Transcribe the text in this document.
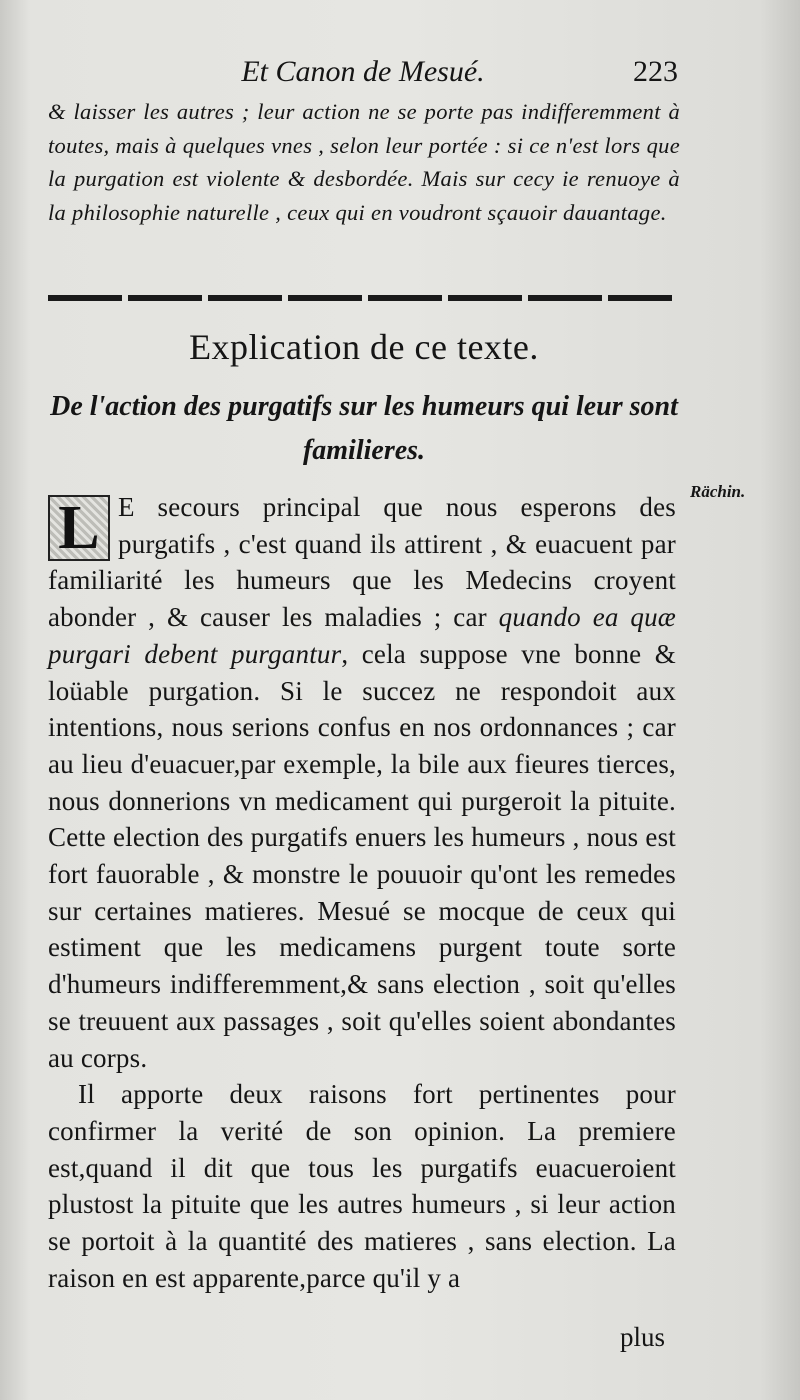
Et Canon de Mesué.	223

& laisser les autres ; leur action ne se porte pas indifferemment à toutes, mais à quelques vnes , selon leur portée : si ce n'est lors que la purgation est violente & desbordée. Mais sur cecy ie renuoye à la philosophie naturelle , ceux qui en voudront sçauoir dauantage.

Explication de ce texte.
De l'action des purgatifs sur les humeurs qui leur sont familieres.
Rächin.

L E secours principal que nous esperons des purgatifs , c'est quand ils attirent , & euacuent par familiarité les humeurs que les Medecins croyent abonder , & causer les maladies ; car quando ea quæ purgari debent purgantur, cela suppose vne bonne & loüable purgation. Si le succez ne respondoit aux intentions, nous serions confus en nos ordonnances ; car au lieu d'euacuer,par exemple, la bile aux fieures tierces, nous donnerions vn medicament qui purgeroit la pituite. Cette election des purgatifs enuers les humeurs , nous est fort fauorable , & monstre le pouuoir qu'ont les remedes sur certaines matieres. Mesué se mocque de ceux qui estiment que les medicamens purgent toute sorte d'humeurs indifferemment,& sans election , soit qu'elles se treuuent aux passages , soit qu'elles soient abondantes au corps.

Il apporte deux raisons fort pertinentes pour confirmer la verité de son opinion. La premiere est,quand il dit que tous les purgatifs euacueroient plustost la pituite que les autres humeurs , si leur action se portoit à la quantité des matieres , sans election. La raison en est apparente,parce qu'il y a

plus
